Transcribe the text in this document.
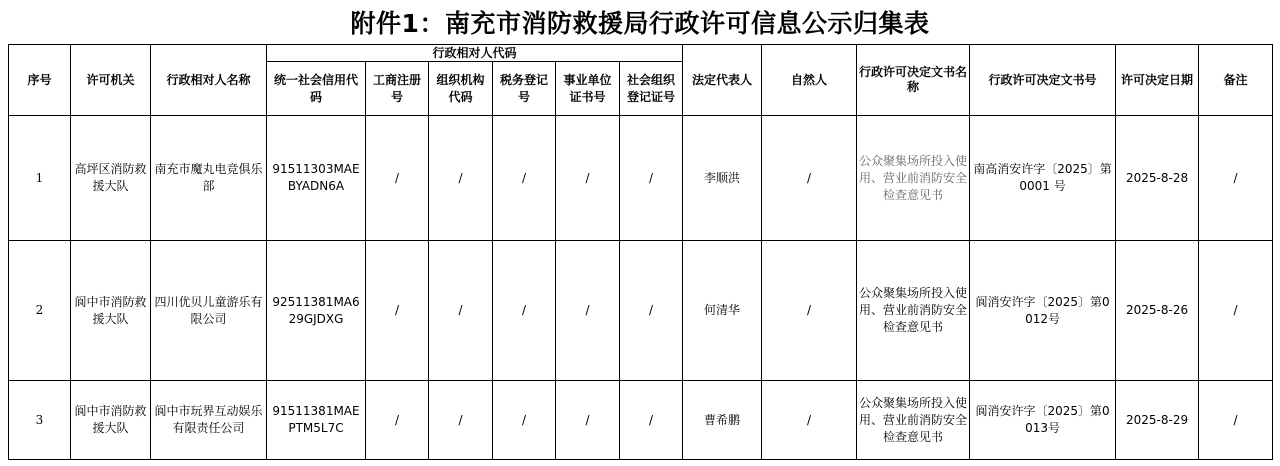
附件1：南充市消防救援局行政许可信息公示归集表
序号	许可机关	行政相对人名称	行政相对人代码						法定代表人	自然人	行政许可决定文书名称	行政许可决定文书号	许可决定日期	备注
			统一社会信用代码	工商注册号	组织机构代码	税务登记号	事业单位证书号	社会组织登记证号						
1	高坪区消防救援大队	南充市魔丸电竞俱乐部	91511303MAEBYADN6A	/	/	/	/	/	李顺洪	/	公众聚集场所投入使用、营业前消防安全检查意见书	南高消安许字〔2025〕第 0001 号	2025-8-28	/
2	阆中市消防救援大队	四川优贝儿童游乐有限公司	92511381MA629GJDXG	/	/	/	/	/	何清华	/	公众聚集场所投入使用、营业前消防安全检查意见书	阆消安许字〔2025〕第0012号	2025-8-26	/
3	阆中市消防救援大队	阆中市玩界互动娱乐有限责任公司	91511381MAEPTM5L7C	/	/	/	/	/	曹希鹏	/	公众聚集场所投入使用、营业前消防安全检查意见书	阆消安许字〔2025〕第0013号	2025-8-29	/
